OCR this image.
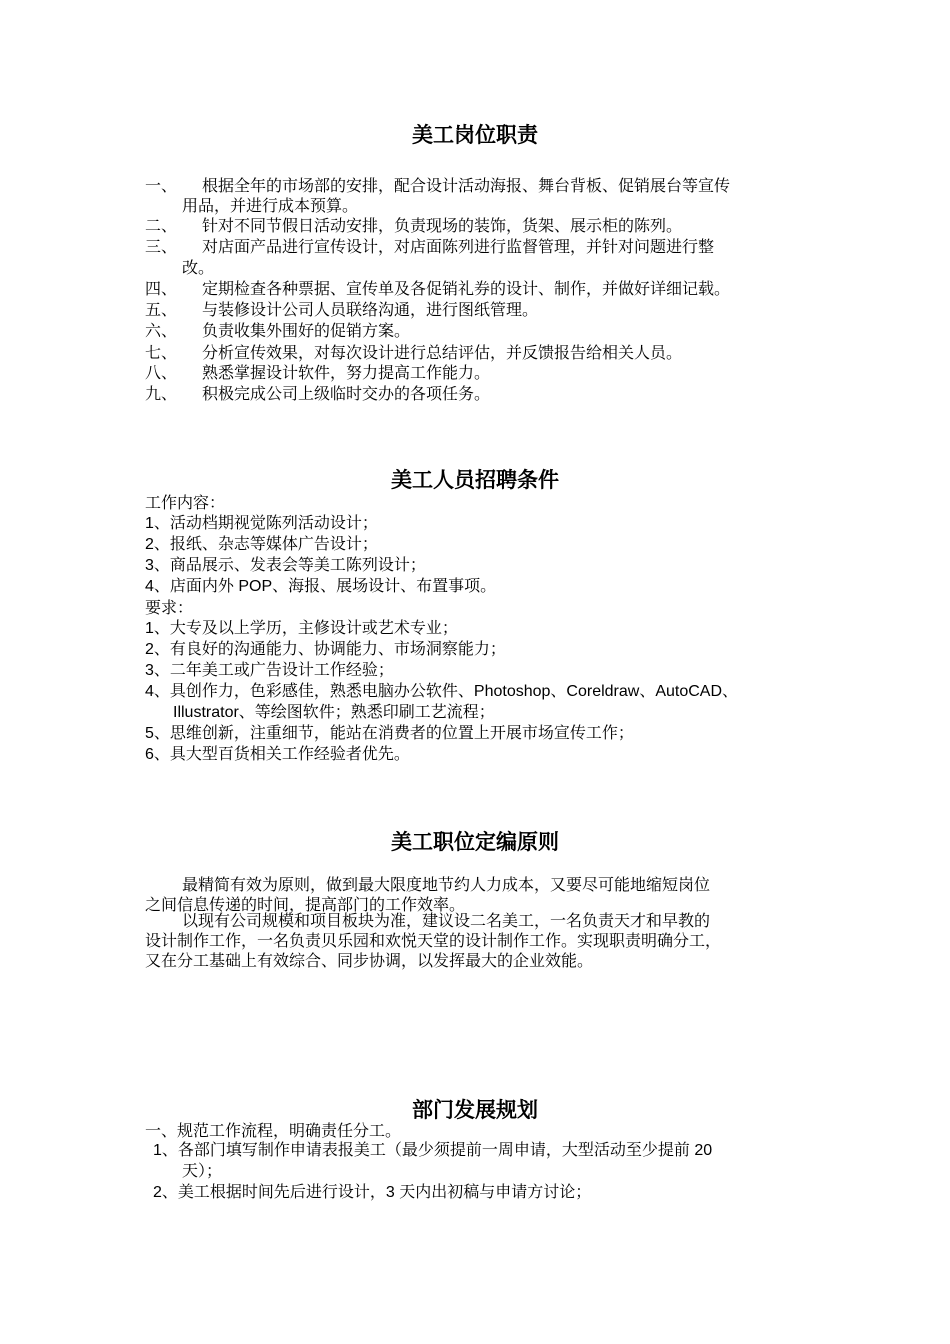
美工岗位职责
一、 根据全年的市场部的安排，配合设计活动海报、舞台背板、促销展台等宣传
用品，并进行成本预算。
二、 针对不同节假日活动安排，负责现场的装饰，货架、展示柜的陈列。
三、 对店面产品进行宣传设计，对店面陈列进行监督管理，并针对问题进行整
改。
四、 定期检查各种票据、宣传单及各促销礼券的设计、制作，并做好详细记载。
五、 与装修设计公司人员联络沟通，进行图纸管理。
六、 负责收集外围好的促销方案。
七、 分析宣传效果，对每次设计进行总结评估，并反馈报告给相关人员。
八、 熟悉掌握设计软件，努力提高工作能力。
九、 积极完成公司上级临时交办的各项任务。
美工人员招聘条件
工作内容：
1、活动档期视觉陈列活动设计；
2、报纸、杂志等媒体广告设计；
3、商品展示、发表会等美工陈列设计；
4、店面内外 POP、海报、展场设计、布置事项。
要求：
1、大专及以上学历，主修设计或艺术专业；
2、有良好的沟通能力、协调能力、市场洞察能力；
3、二年美工或广告设计工作经验；
4、具创作力，色彩感佳，熟悉电脑办公软件、Photoshop、Coreldraw、AutoCAD、
Illustrator、等绘图软件；熟悉印刷工艺流程；
5、思维创新，注重细节，能站在消费者的位置上开展市场宣传工作；
6、具大型百货相关工作经验者优先。
美工职位定编原则
最精简有效为原则，做到最大限度地节约人力成本，又要尽可能地缩短岗位
之间信息传递的时间，提高部门的工作效率。
以现有公司规模和项目板块为准，建议设二名美工，一名负责天才和早教的
设计制作工作，一名负责贝乐园和欢悦天堂的设计制作工作。实现职责明确分工，
又在分工基础上有效综合、同步协调，以发挥最大的企业效能。
部门发展规划
一、规范工作流程，明确责任分工。
1、各部门填写制作申请表报美工（最少须提前一周申请，大型活动至少提前 20
天）；
2、美工根据时间先后进行设计，3 天内出初稿与申请方讨论；
